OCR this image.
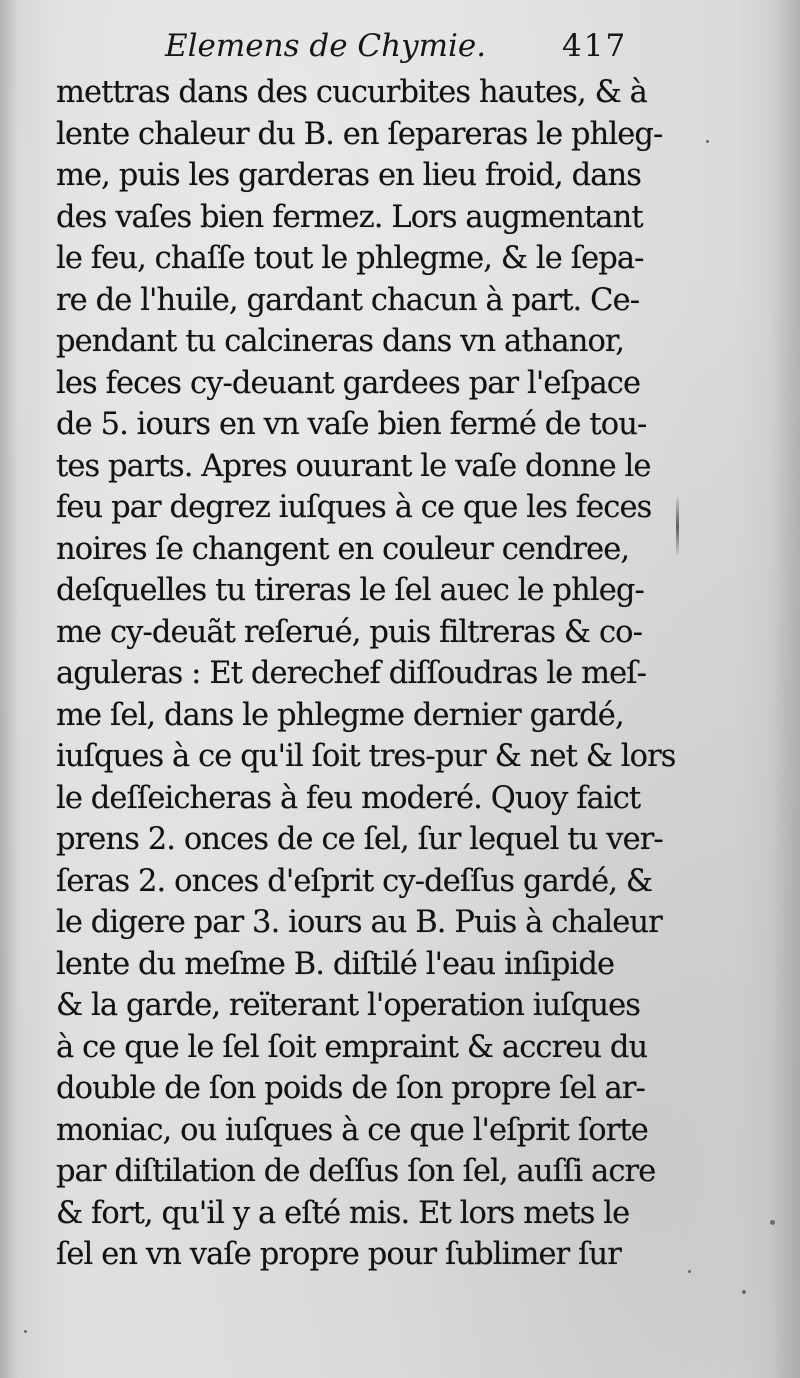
Elemens de Chymie. 417
mettras dans des cucurbites hautes, & à
lente chaleur du B. en ſepareras le phleg-
me, puis les garderas en lieu froid, dans
des vaſes bien fermez. Lors augmentant
le feu, chaſſe tout le phlegme, & le ſepa-
re de l'huile, gardant chacun à part. Ce-
pendant tu calcineras dans vn athanor,
les feces cy-deuant gardees par l'eſpace
de 5. iours en vn vaſe bien fermé de tou-
tes parts. Apres ouurant le vaſe donne le
feu par degrez iuſques à ce que les feces
noires ſe changent en couleur cendree,
deſquelles tu tireras le ſel auec le phleg-
me cy-deuãt reſerué, puis filtreras & co-
aguleras : Et derechef diſſoudras le meſ-
me ſel, dans le phlegme dernier gardé,
iuſques à ce qu'il ſoit tres-pur & net & lors
le deſſeicheras à feu moderé. Quoy faict
prens 2. onces de ce ſel, ſur lequel tu ver-
ſeras 2. onces d'eſprit cy-deſſus gardé, &
le digere par 3. iours au B. Puis à chaleur
lente du meſme B. diſtilé l'eau inſipide
& la garde, reïterant l'operation iuſques
à ce que le ſel ſoit empraint & accreu du
double de ſon poids de ſon propre ſel ar-
moniac, ou iuſques à ce que l'eſprit ſorte
par diſtilation de deſſus ſon ſel, auſſi acre
& fort, qu'il y a eſté mis. Et lors mets le
ſel en vn vaſe propre pour ſublimer ſur
